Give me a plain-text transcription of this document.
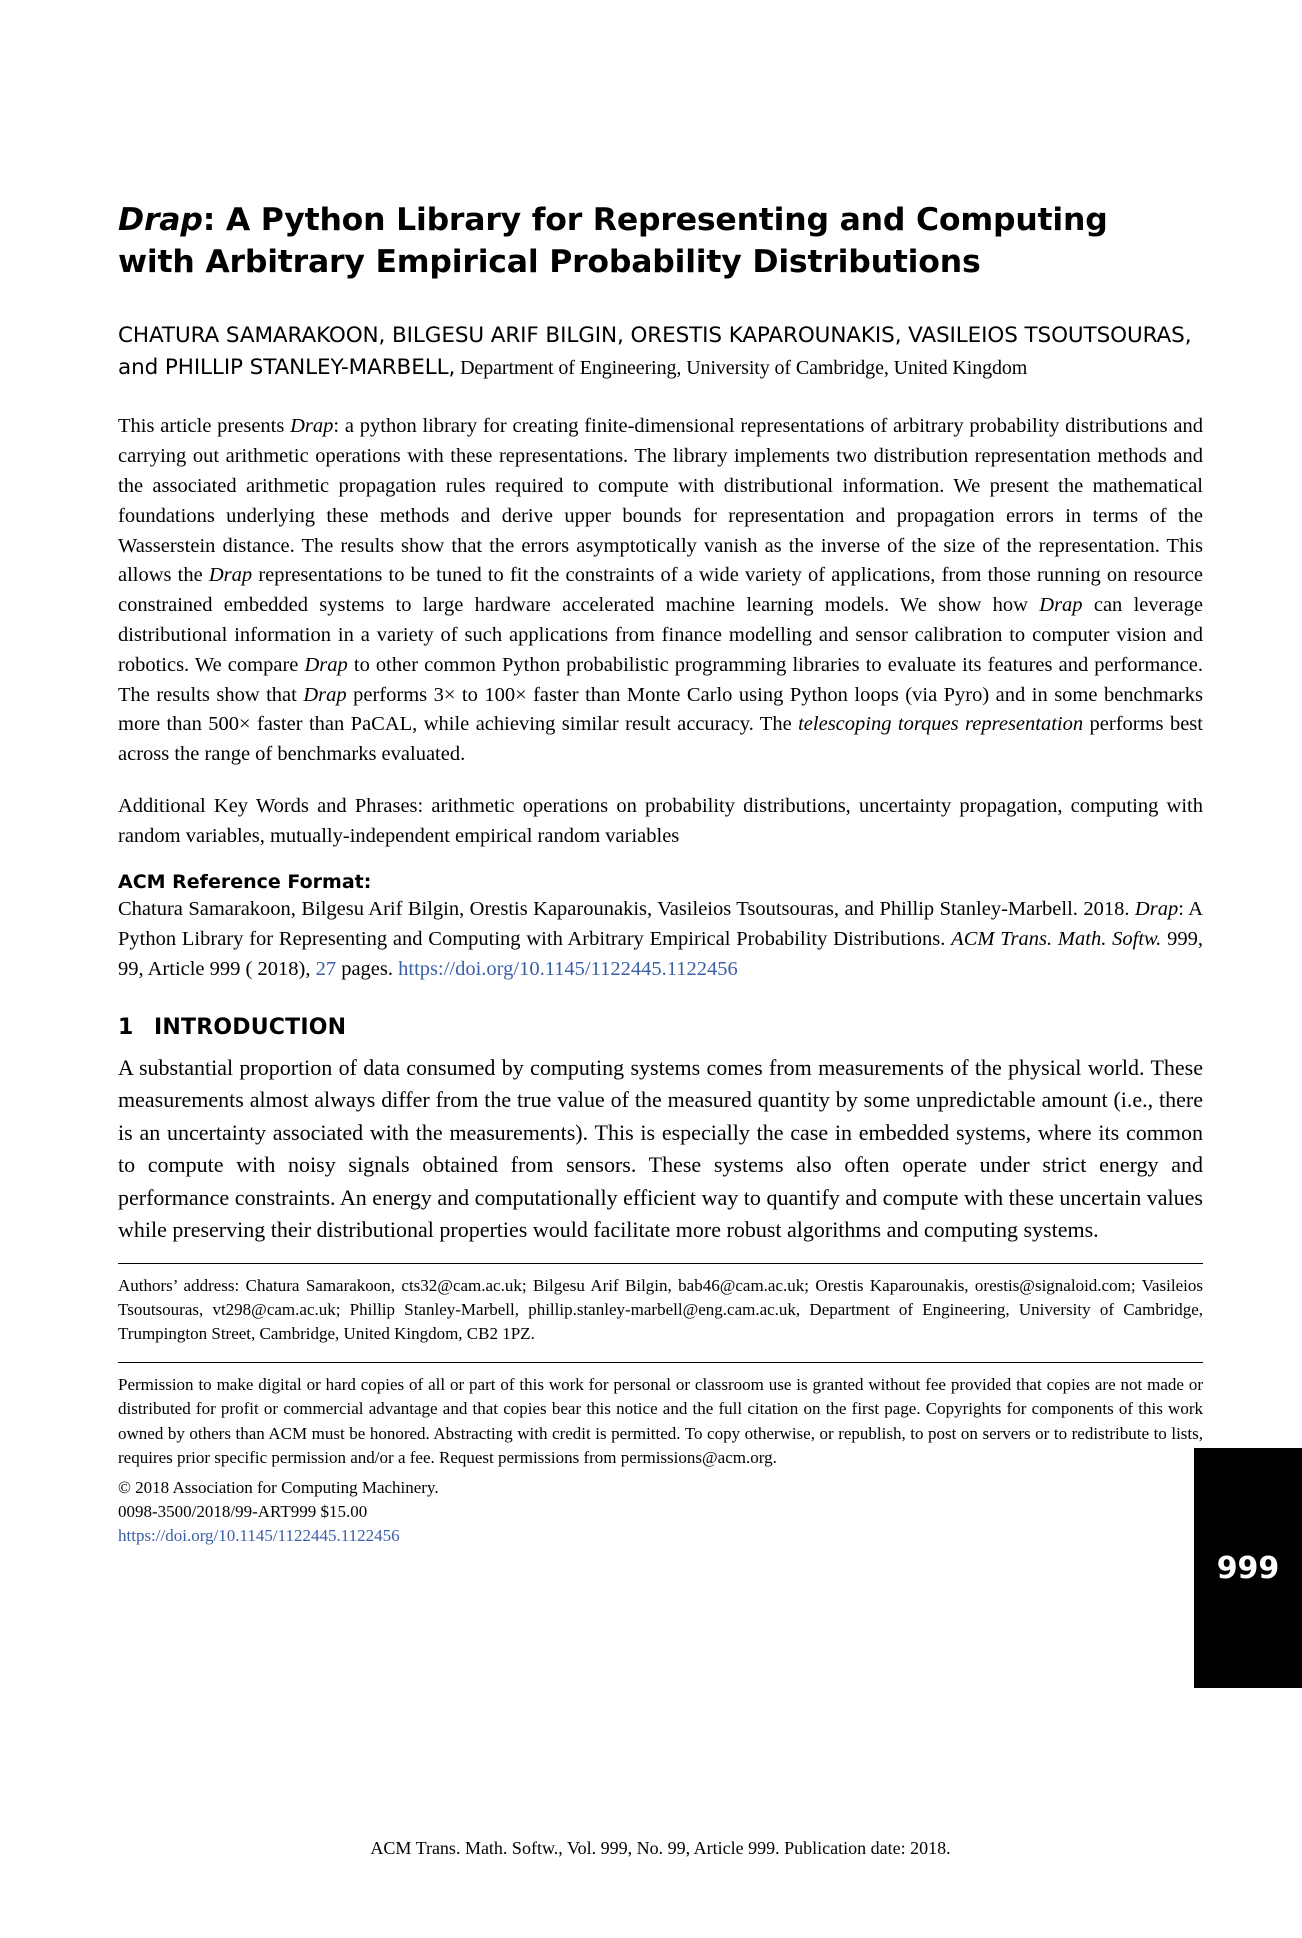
Drap: A Python Library for Representing and Computing
with Arbitrary Empirical Probability Distributions
CHATURA SAMARAKOON, BILGESU ARIF BILGIN, ORESTIS KAPAROUNAKIS, VASILEIOS TSOUTSOURAS, and PHILLIP STANLEY-MARBELL, Department of Engineering, University of Cambridge, United Kingdom

This article presents Drap: a python library for creating finite-dimensional representations of arbitrary probability distributions and carrying out arithmetic operations with these representations. The library implements two distribution representation methods and the associated arithmetic propagation rules required to compute with distributional information. We present the mathematical foundations underlying these methods and derive upper bounds for representation and propagation errors in terms of the Wasserstein distance. The results show that the errors asymptotically vanish as the inverse of the size of the representation. This allows the Drap representations to be tuned to fit the constraints of a wide variety of applications, from those running on resource constrained embedded systems to large hardware accelerated machine learning models. We show how Drap can leverage distributional information in a variety of such applications from finance modelling and sensor calibration to computer vision and robotics. We compare Drap to other common Python probabilistic programming libraries to evaluate its features and performance. The results show that Drap performs 3× to 100× faster than Monte Carlo using Python loops (via Pyro) and in some benchmarks more than 500× faster than PaCAL, while achieving similar result accuracy. The telescoping torques representation performs best across the range of benchmarks evaluated.

Additional Key Words and Phrases: arithmetic operations on probability distributions, uncertainty propagation, computing with random variables, mutually-independent empirical random variables

ACM Reference Format:

Chatura Samarakoon, Bilgesu Arif Bilgin, Orestis Kaparounakis, Vasileios Tsoutsouras, and Phillip Stanley-Marbell. 2018. Drap: A Python Library for Representing and Computing with Arbitrary Empirical Probability Distributions. ACM Trans. Math. Softw. 999, 99, Article 999 ( 2018), 27 pages. https://doi.org/10.1145/1122445.1122456

1 INTRODUCTION

A substantial proportion of data consumed by computing systems comes from measurements of the physical world. These measurements almost always differ from the true value of the measured quantity by some unpredictable amount (i.e., there is an uncertainty associated with the measurements). This is especially the case in embedded systems, where its common to compute with noisy signals obtained from sensors. These systems also often operate under strict energy and performance constraints. An energy and computationally efficient way to quantify and compute with these uncertain values while preserving their distributional properties would facilitate more robust algorithms and computing systems.

Authors’ address: Chatura Samarakoon, cts32@cam.ac.uk; Bilgesu Arif Bilgin, bab46@cam.ac.uk; Orestis Kaparounakis, orestis@signaloid.com; Vasileios Tsoutsouras, vt298@cam.ac.uk; Phillip Stanley-Marbell, phillip.stanley-marbell@eng.cam.ac.uk, Department of Engineering, University of Cambridge, Trumpington Street, Cambridge, United Kingdom, CB2 1PZ.

Permission to make digital or hard copies of all or part of this work for personal or classroom use is granted without fee provided that copies are not made or distributed for profit or commercial advantage and that copies bear this notice and the full citation on the first page. Copyrights for components of this work owned by others than ACM must be honored. Abstracting with credit is permitted. To copy otherwise, or republish, to post on servers or to redistribute to lists, requires prior specific permission and/or a fee. Request permissions from permissions@acm.org.

© 2018 Association for Computing Machinery.

0098-3500/2018/99-ART999 $15.00

https://doi.org/10.1145/1122445.1122456

999
ACM Trans. Math. Softw., Vol. 999, No. 99, Article 999. Publication date: 2018.
